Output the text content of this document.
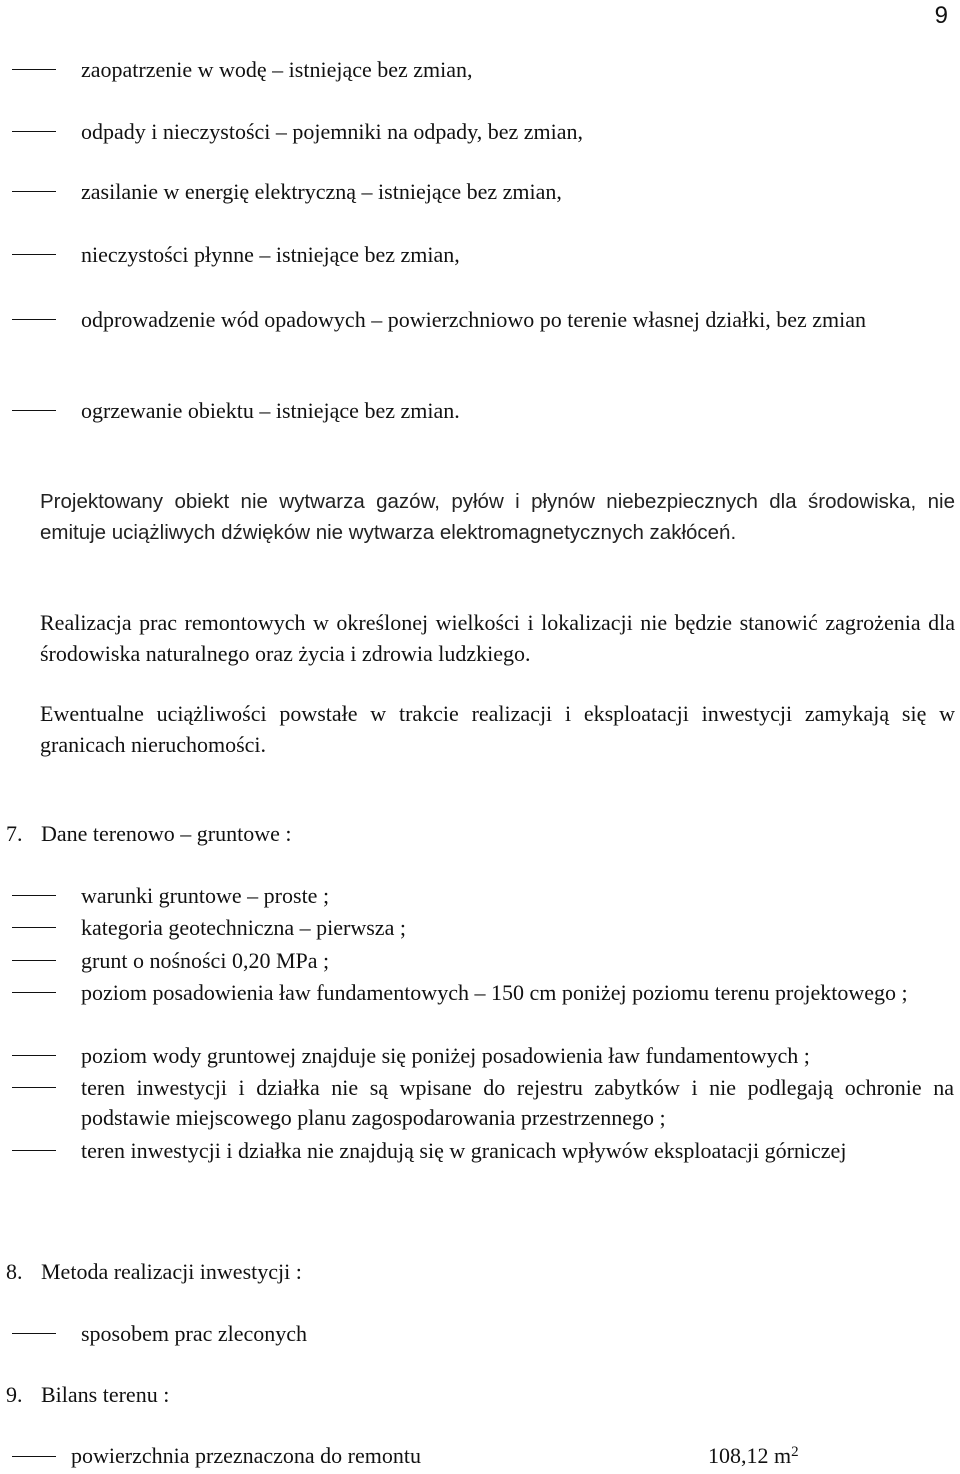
9
zaopatrzenie w wodę – istniejące bez zmian,
odpady i nieczystości – pojemniki na odpady, bez zmian,
zasilanie w energię elektryczną – istniejące bez zmian,
nieczystości płynne – istniejące bez zmian,
odprowadzenie wód opadowych – powierzchniowo po terenie własnej działki, bez zmian
ogrzewanie obiektu – istniejące bez zmian.
Projektowany obiekt nie wytwarza gazów, pyłów i płynów niebezpiecznych dla środowiska, nie emituje uciążliwych dźwięków nie wytwarza elektromagnetycznych zakłóceń.
Realizacja prac remontowych w określonej wielkości i lokalizacji nie będzie stanowić zagrożenia dla środowiska naturalnego oraz życia i zdrowia ludzkiego.
Ewentualne uciążliwości powstałe w trakcie realizacji i eksploatacji inwestycji zamykają się w granicach nieruchomości.
7. Dane terenowo – gruntowe :
warunki gruntowe – proste ;
kategoria geotechniczna – pierwsza ;
grunt o nośności 0,20 MPa ;
poziom posadowienia ław fundamentowych – 150 cm poniżej poziomu terenu projektowego ;
poziom wody gruntowej znajduje się poniżej posadowienia ław fundamentowych ;
teren inwestycji i działka nie są wpisane do rejestru zabytków i nie podlegają ochronie na podstawie miejscowego planu zagospodarowania przestrzennego ;
teren inwestycji i działka nie znajdują się w granicach wpływów eksploatacji górniczej
8. Metoda realizacji inwestycji :
sposobem prac zleconych
9. Bilans terenu :
powierzchnia przeznaczona do remontu	108,12 $m^2$
